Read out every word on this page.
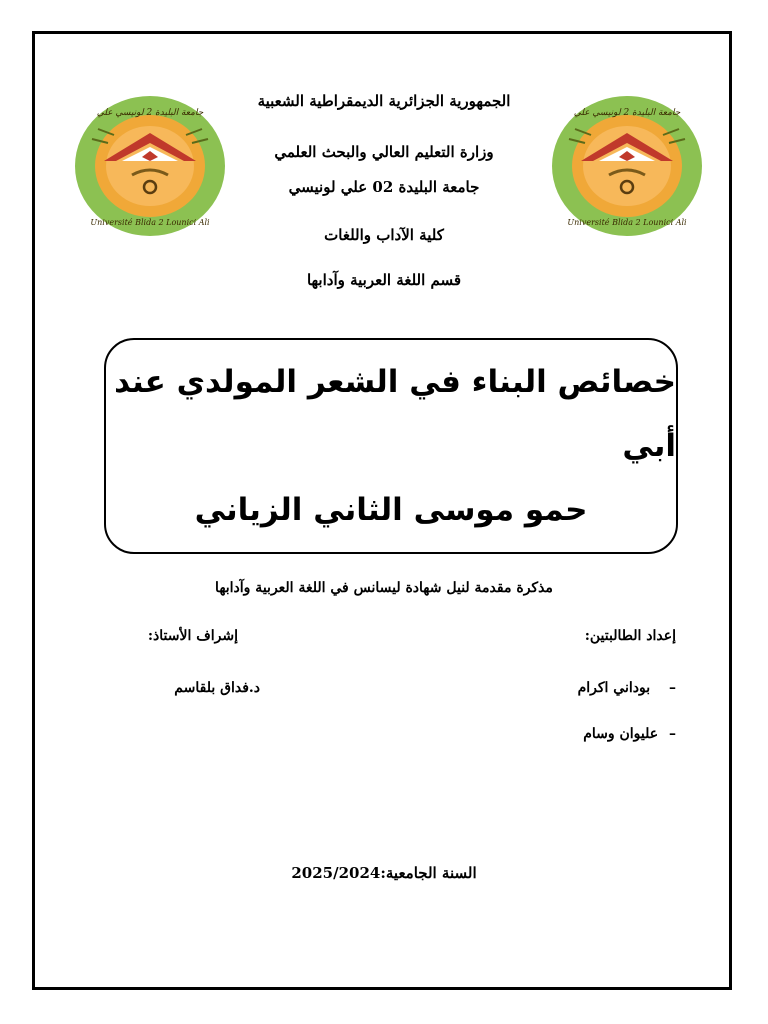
جامعة البليدة 2 لونيسي علي
Université Blida 2 Lounici Ali
جامعة البليدة 2 لونيسي علي
Université Blida 2 Lounici Ali
الجمهورية الجزائرية الديمقراطية الشعبية
وزارة التعليم العالي والبحث العلمي
جامعة البليدة 02 علي لونيسي
كلية الآداب واللغات
قسم اللغة العربية وآدابها
خصائص البناء في الشعر المولدي عند أبي
حمو موسى الثاني الزياني
مذكرة مقدمة لنيل شهادة ليسانس في اللغة العربية وآدابها
إعداد الطالبتين:
– بوداني اكرام
– عليوان وسام
إشراف الأستاذ:
د.فداق بلقاسم
السنة الجامعية:2025/2024
